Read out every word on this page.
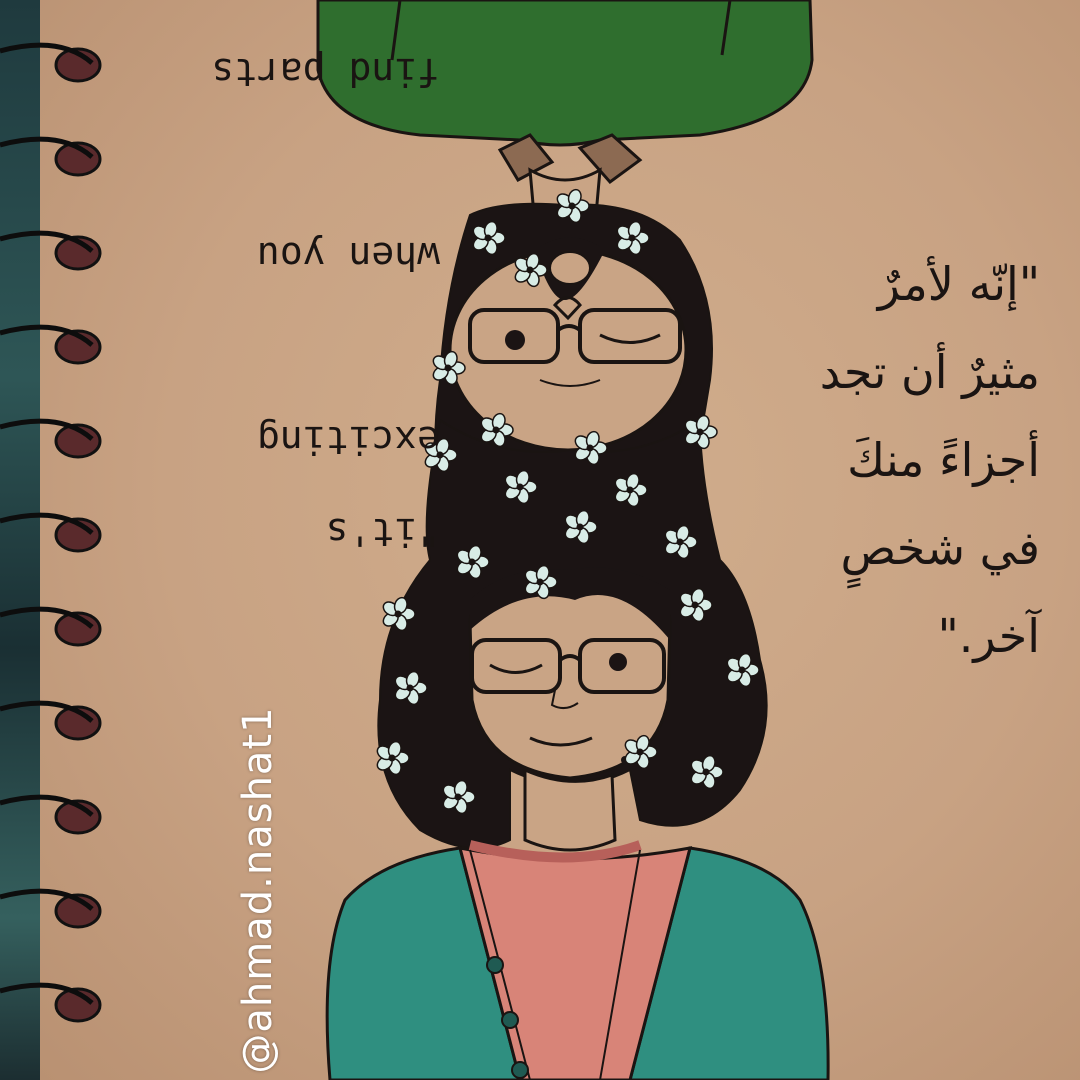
"it's exciting

when you

find parts

"إنّه لأمرٌ
مثيرٌ أن تجد
أجزاءً منكَ
في شخصٍ
آخر."
@ahmad.nashat1
